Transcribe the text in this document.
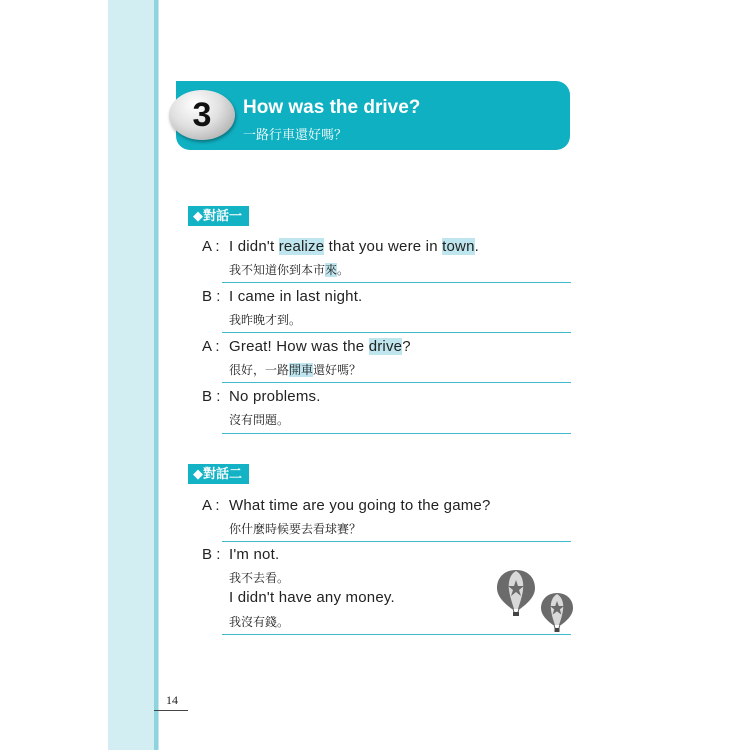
3	How was the drive?
一路行車還好嗎？
◆對話一
A : I didn't realize that you were in town.
我不知道你到本市來。
B : I came in last night.
我昨晚才到。
A : Great! How was the drive?
很好，一路開車還好嗎？
B : No problems.
沒有問題。
◆對話二
A : What time are you going to the game?
你什麼時候要去看球賽？
B : I'm not.
我不去看。
I didn't have any money.
我沒有錢。
14
